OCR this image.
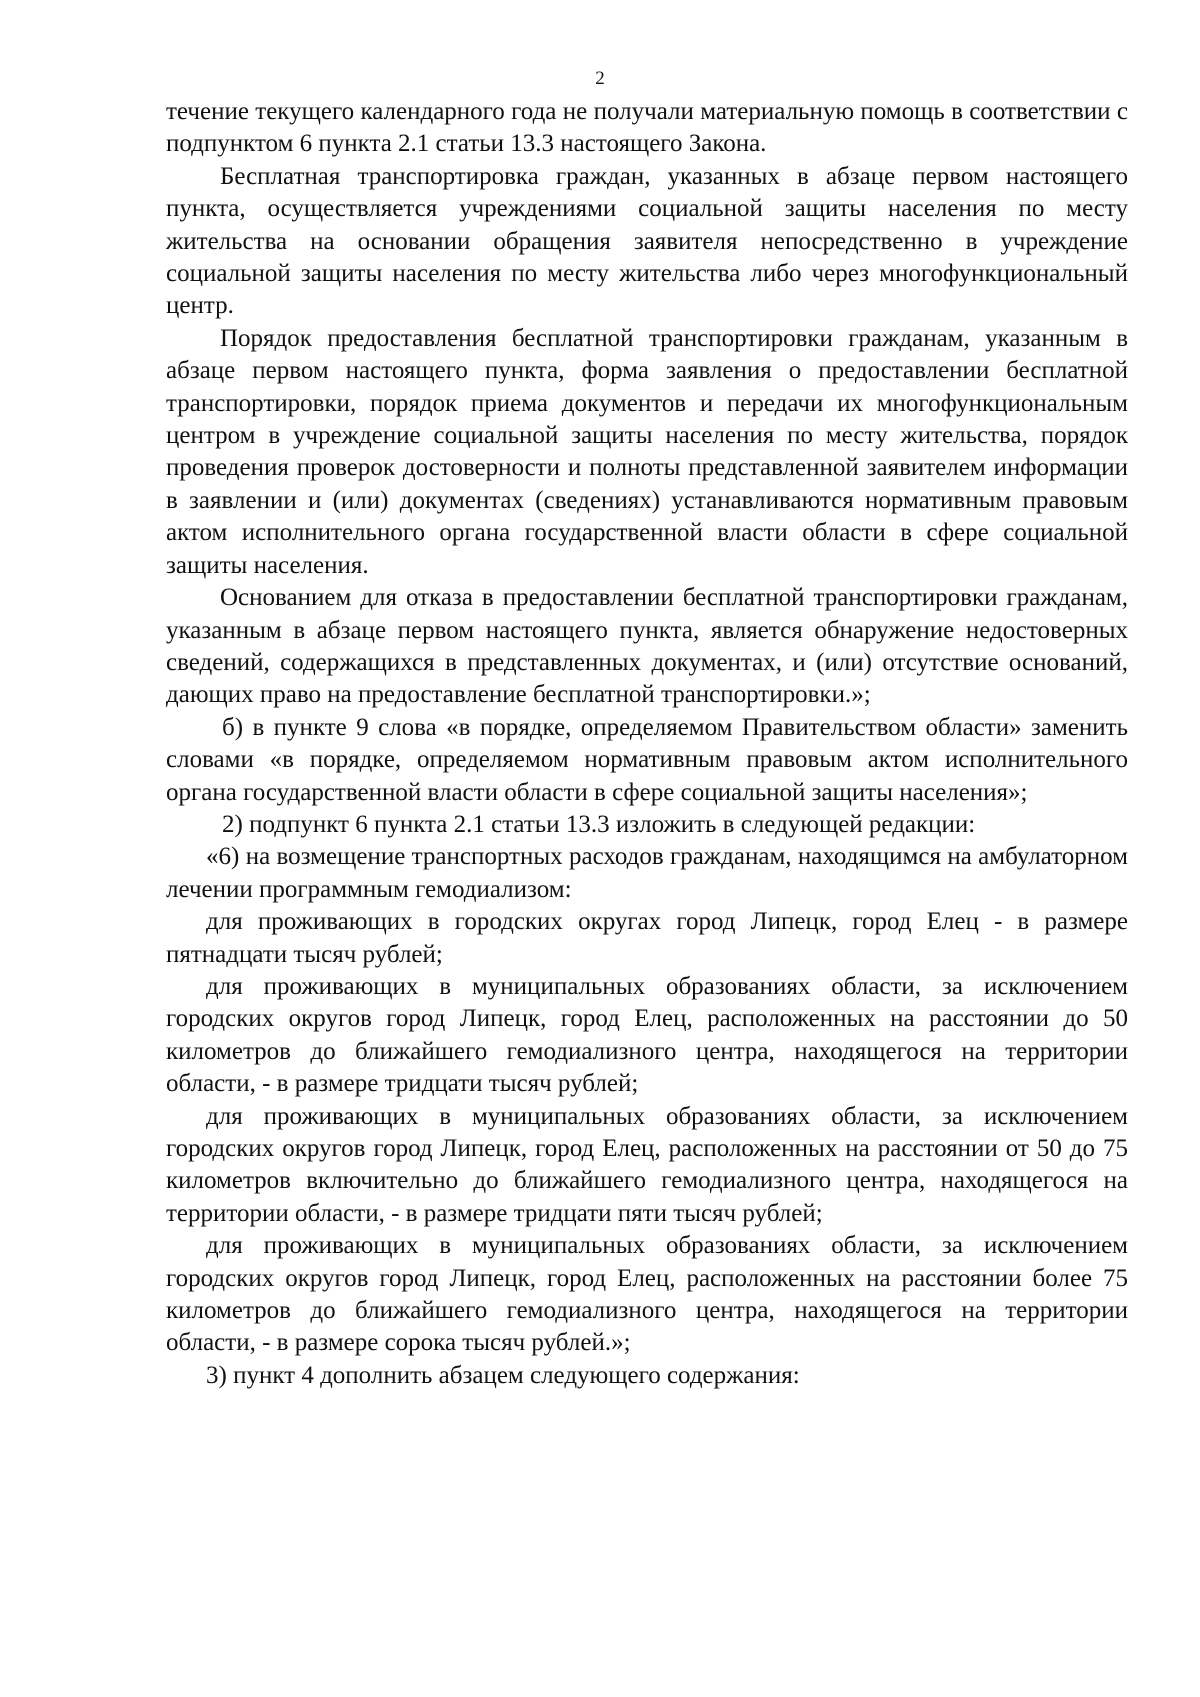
2

течение текущего календарного года не получали материальную помощь в соответствии с подпунктом 6 пункта 2.1 статьи 13.3 настоящего Закона.

Бесплатная транспортировка граждан, указанных в абзаце первом настоящего пункта, осуществляется учреждениями социальной защиты населения по месту жительства на основании обращения заявителя непосредственно в учреждение социальной защиты населения по месту жительства либо через многофункциональный центр.

Порядок предоставления бесплатной транспортировки гражданам, указанным в абзаце первом настоящего пункта, форма заявления о предоставлении бесплатной транспортировки, порядок приема документов и передачи их многофункциональным центром в учреждение социальной защиты населения по месту жительства, порядок проведения проверок достоверности и полноты представленной заявителем информации в заявлении и (или) документах (сведениях) устанавливаются нормативным правовым актом исполнительного органа государственной власти области в сфере социальной защиты населения.

Основанием для отказа в предоставлении бесплатной транспортировки гражданам, указанным в абзаце первом настоящего пункта, является обнаружение недостоверных сведений, содержащихся в представленных документах, и (или) отсутствие оснований, дающих право на предоставление бесплатной транспортировки.»;

б) в пункте 9 слова «в порядке, определяемом Правительством области» заменить словами «в порядке, определяемом нормативным правовым актом исполнительного органа государственной власти области в сфере социальной защиты населения»;

2) подпункт 6 пункта 2.1 статьи 13.3 изложить в следующей редакции:

«6) на возмещение транспортных расходов гражданам, находящимся на амбулаторном лечении программным гемодиализом:

для проживающих в городских округах город Липецк, город Елец - в размере пятнадцати тысяч рублей;

для проживающих в муниципальных образованиях области, за исключением городских округов город Липецк, город Елец, расположенных на расстоянии до 50 километров до ближайшего гемодиализного центра, находящегося на территории области, - в размере тридцати тысяч рублей;

для проживающих в муниципальных образованиях области, за исключением городских округов город Липецк, город Елец, расположенных на расстоянии от 50 до 75 километров включительно до ближайшего гемодиализного центра, находящегося на территории области, - в размере тридцати пяти тысяч рублей;

для проживающих в муниципальных образованиях области, за исключением городских округов город Липецк, город Елец, расположенных на расстоянии более 75 километров до ближайшего гемодиализного центра, находящегося на территории области, - в размере сорока тысяч рублей.»;

3) пункт 4 дополнить абзацем следующего содержания:
